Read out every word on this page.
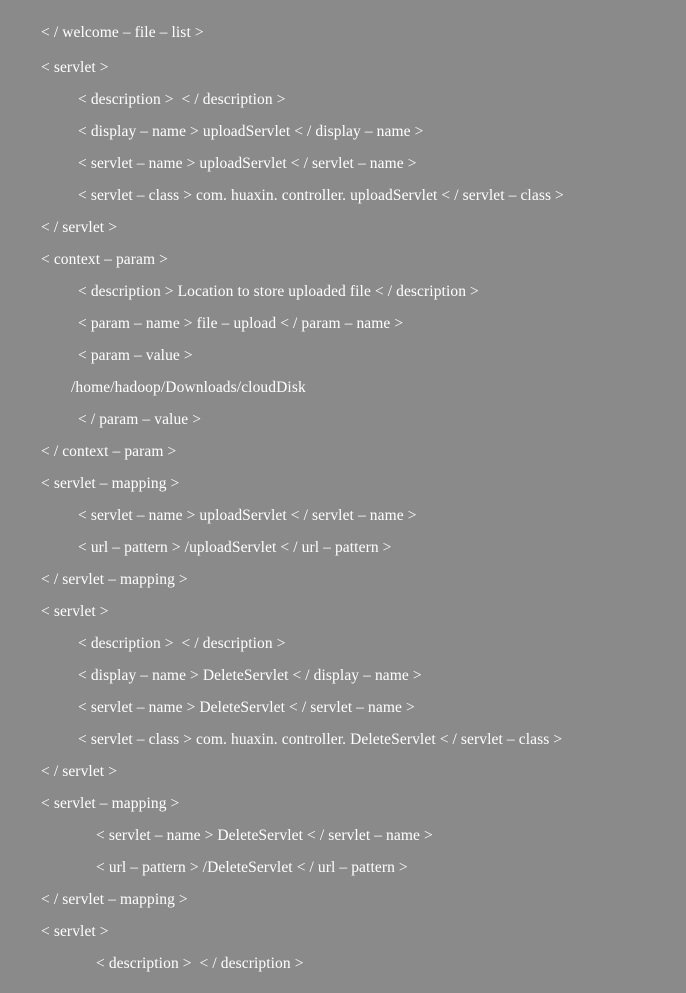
< / welcome – file – list >
< servlet >
< description >  < / description >
< display – name > uploadServlet < / display – name >
< servlet – name > uploadServlet < / servlet – name >
< servlet – class > com. huaxin. controller. uploadServlet < / servlet – class >
< / servlet >
< context – param >
< description > Location to store uploaded file < / description >
< param – name > file – upload < / param – name >
< param – value >
/home/hadoop/Downloads/cloudDisk
< / param – value >
< / context – param >
< servlet – mapping >
< servlet – name > uploadServlet < / servlet – name >
< url – pattern > /uploadServlet < / url – pattern >
< / servlet – mapping >
< servlet >
< description >  < / description >
< display – name > DeleteServlet < / display – name >
< servlet – name > DeleteServlet < / servlet – name >
< servlet – class > com. huaxin. controller. DeleteServlet < / servlet – class >
< / servlet >
< servlet – mapping >
< servlet – name > DeleteServlet < / servlet – name >
< url – pattern > /DeleteServlet < / url – pattern >
< / servlet – mapping >
< servlet >
< description >  < / description >
